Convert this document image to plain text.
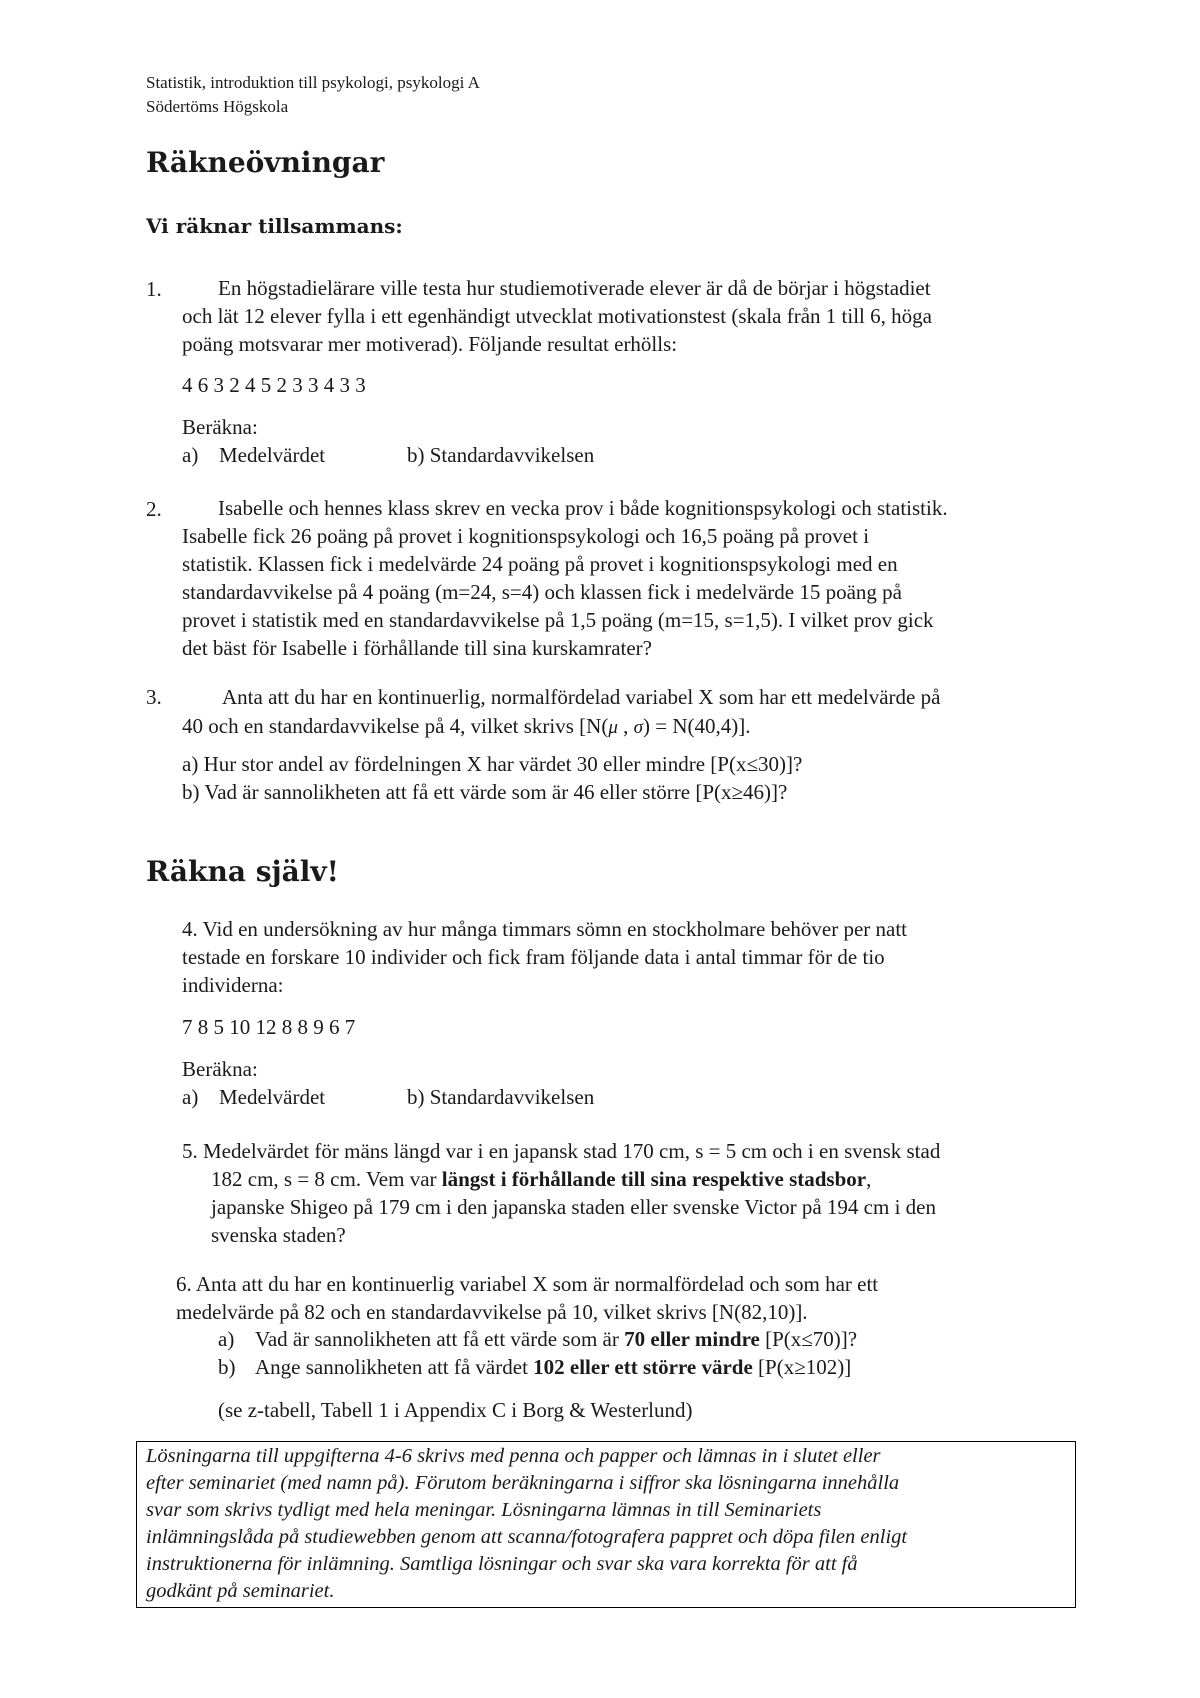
Statistik, introduktion till psykologi, psykologi A
Södertöms Högskola
Räkneövningar
Vi räknar tillsammans:
1.	En högstadielärare ville testa hur studiemotiverade elever är då de börjar i högstadiet
och lät 12 elever fylla i ett egenhändigt utvecklat motivationstest (skala från 1 till 6, höga
poäng motsvarar mer motiverad). Följande resultat erhölls:
4 6 3 2 4 5 2 3 3 4 3 3
Beräkna:
a) Medelvärdet	b) Standardavvikelsen
2.	Isabelle och hennes klass skrev en vecka prov i både kognitionspsykologi och statistik.
Isabelle fick 26 poäng på provet i kognitionspsykologi och 16,5 poäng på provet i
statistik. Klassen fick i medelvärde 24 poäng på provet i kognitionspsykologi med en
standardavvikelse på 4 poäng (m=24, s=4) och klassen fick i medelvärde 15 poäng på
provet i statistik med en standardavvikelse på 1,5 poäng (m=15, s=1,5). I vilket prov gick
det bäst för Isabelle i förhållande till sina kurskamrater?
3.	Anta att du har en kontinuerlig, normalfördelad variabel X som har ett medelvärde på
40 och en standardavvikelse på 4, vilket skrivs [N(μ , σ) = N(40,4)].
a) Hur stor andel av fördelningen X har värdet 30 eller mindre [P(x≤30)]?
b) Vad är sannolikheten att få ett värde som är 46 eller större [P(x≥46)]?
Räkna själv!
4. Vid en undersökning av hur många timmars sömn en stockholmare behöver per natt
testade en forskare 10 individer och fick fram följande data i antal timmar för de tio
individerna:
7 8 5 10 12 8 8 9 6 7
Beräkna:
a) Medelvärdet	b) Standardavvikelsen
5. Medelvärdet för mäns längd var i en japansk stad 170 cm, s = 5 cm och i en svensk stad
182 cm, s = 8 cm. Vem var längst i förhållande till sina respektive stadsbor,
japanske Shigeo på 179 cm i den japanska staden eller svenske Victor på 194 cm i den
svenska staden?
6. Anta att du har en kontinuerlig variabel X som är normalfördelad och som har ett
medelvärde på 82 och en standardavvikelse på 10, vilket skrivs [N(82,10)].
a) Vad är sannolikheten att få ett värde som är 70 eller mindre [P(x≤70)]?
b) Ange sannolikheten att få värdet 102 eller ett större värde [P(x≥102)]
(se z-tabell, Tabell 1 i Appendix C i Borg & Westerlund)
Lösningarna till uppgifterna 4-6 skrivs med penna och papper och lämnas in i slutet eller
efter seminariet (med namn på). Förutom beräkningarna i siffror ska lösningarna innehålla
svar som skrivs tydligt med hela meningar. Lösningarna lämnas in till Seminariets
inlämningslåda på studiewebben genom att scanna/fotografera pappret och döpa filen enligt
instruktionerna för inlämning. Samtliga lösningar och svar ska vara korrekta för att få
godkänt på seminariet.
